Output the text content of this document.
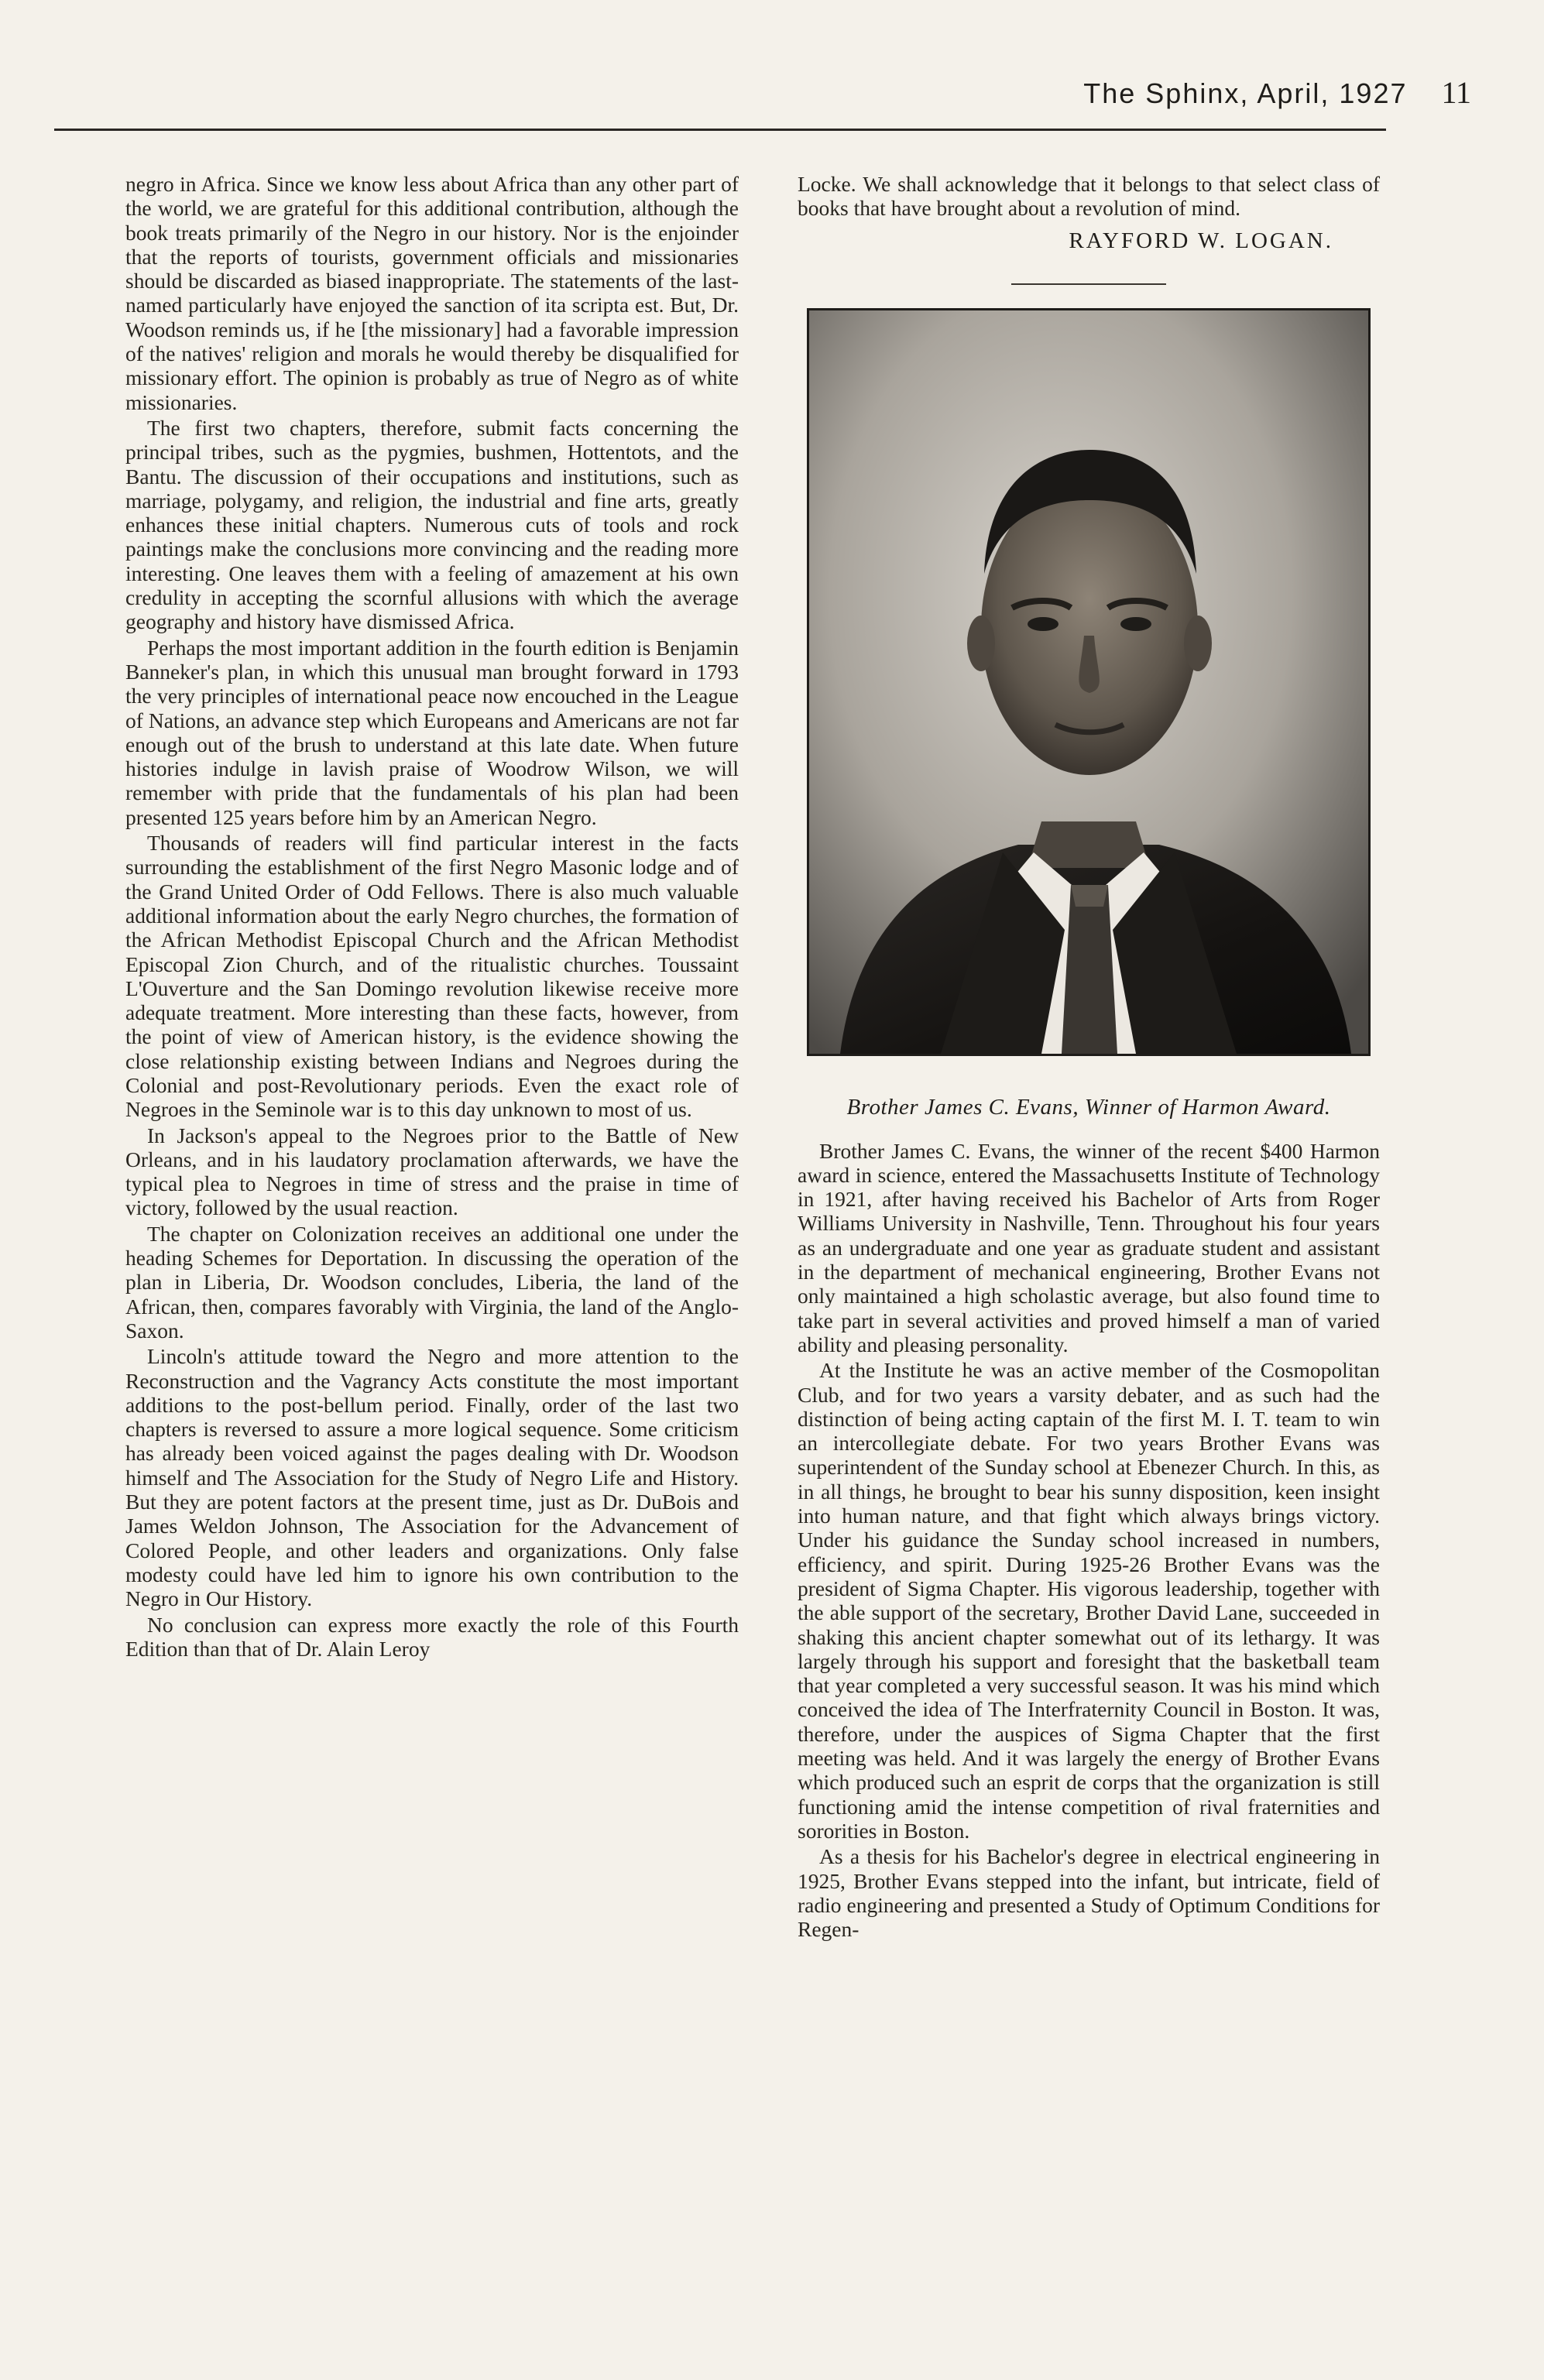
The Sphinx, April, 1927 11

negro in Africa. Since we know less about Africa than any other part of the world, we are grateful for this additional contribution, although the book treats primarily of the Negro in our history. Nor is the enjoinder that the reports of tourists, government officials and missionaries should be discarded as biased inappropriate. The statements of the last-named particularly have enjoyed the sanction of ita scripta est. But, Dr. Woodson reminds us, if he [the missionary] had a favorable impression of the natives' religion and morals he would thereby be disqualified for missionary effort. The opinion is probably as true of Negro as of white missionaries.

The first two chapters, therefore, submit facts concerning the principal tribes, such as the pygmies, bushmen, Hottentots, and the Bantu. The discussion of their occupations and institutions, such as marriage, polygamy, and religion, the industrial and fine arts, greatly enhances these initial chapters. Numerous cuts of tools and rock paintings make the conclusions more convincing and the reading more interesting. One leaves them with a feeling of amazement at his own credulity in accepting the scornful allusions with which the average geography and history have dismissed Africa.

Perhaps the most important addition in the fourth edition is Benjamin Banneker's plan, in which this unusual man brought forward in 1793 the very principles of international peace now encouched in the League of Nations, an advance step which Europeans and Americans are not far enough out of the brush to understand at this late date. When future histories indulge in lavish praise of Woodrow Wilson, we will remember with pride that the fundamentals of his plan had been presented 125 years before him by an American Negro.

Thousands of readers will find particular interest in the facts surrounding the establishment of the first Negro Masonic lodge and of the Grand United Order of Odd Fellows. There is also much valuable additional information about the early Negro churches, the formation of the African Methodist Episcopal Church and the African Methodist Episcopal Zion Church, and of the ritualistic churches. Toussaint L'Ouverture and the San Domingo revolution likewise receive more adequate treatment. More interesting than these facts, however, from the point of view of American history, is the evidence showing the close relationship existing between Indians and Negroes during the Colonial and post-Revolutionary periods. Even the exact role of Negroes in the Seminole war is to this day unknown to most of us.

In Jackson's appeal to the Negroes prior to the Battle of New Orleans, and in his laudatory proclamation afterwards, we have the typical plea to Negroes in time of stress and the praise in time of victory, followed by the usual reaction.

The chapter on Colonization receives an additional one under the heading Schemes for Deportation. In discussing the operation of the plan in Liberia, Dr. Woodson concludes, Liberia, the land of the African, then, compares favorably with Virginia, the land of the Anglo-Saxon.

Lincoln's attitude toward the Negro and more attention to the Reconstruction and the Vagrancy Acts constitute the most important additions to the post-bellum period. Finally, order of the last two chapters is reversed to assure a more logical sequence. Some criticism has already been voiced against the pages dealing with Dr. Woodson himself and The Association for the Study of Negro Life and History. But they are potent factors at the present time, just as Dr. DuBois and James Weldon Johnson, The Association for the Advancement of Colored People, and other leaders and organizations. Only false modesty could have led him to ignore his own contribution to the Negro in Our History.

No conclusion can express more exactly the role of this Fourth Edition than that of Dr. Alain Leroy

Locke. We shall acknowledge that it belongs to that select class of books that have brought about a revolution of mind.

RAYFORD W. LOGAN.

Brother James C. Evans, Winner of Harmon Award.

Brother James C. Evans, the winner of the recent $400 Harmon award in science, entered the Massachusetts Institute of Technology in 1921, after having received his Bachelor of Arts from Roger Williams University in Nashville, Tenn. Throughout his four years as an undergraduate and one year as graduate student and assistant in the department of mechanical engineering, Brother Evans not only maintained a high scholastic average, but also found time to take part in several activities and proved himself a man of varied ability and pleasing personality.

At the Institute he was an active member of the Cosmopolitan Club, and for two years a varsity debater, and as such had the distinction of being acting captain of the first M. I. T. team to win an intercollegiate debate. For two years Brother Evans was superintendent of the Sunday school at Ebenezer Church. In this, as in all things, he brought to bear his sunny disposition, keen insight into human nature, and that fight which always brings victory. Under his guidance the Sunday school increased in numbers, efficiency, and spirit. During 1925-26 Brother Evans was the president of Sigma Chapter. His vigorous leadership, together with the able support of the secretary, Brother David Lane, succeeded in shaking this ancient chapter somewhat out of its lethargy. It was largely through his support and foresight that the basketball team that year completed a very successful season. It was his mind which conceived the idea of The Interfraternity Council in Boston. It was, therefore, under the auspices of Sigma Chapter that the first meeting was held. And it was largely the energy of Brother Evans which produced such an esprit de corps that the organization is still functioning amid the intense competition of rival fraternities and sororities in Boston.

As a thesis for his Bachelor's degree in electrical engineering in 1925, Brother Evans stepped into the infant, but intricate, field of radio engineering and presented a Study of Optimum Conditions for Regen-
